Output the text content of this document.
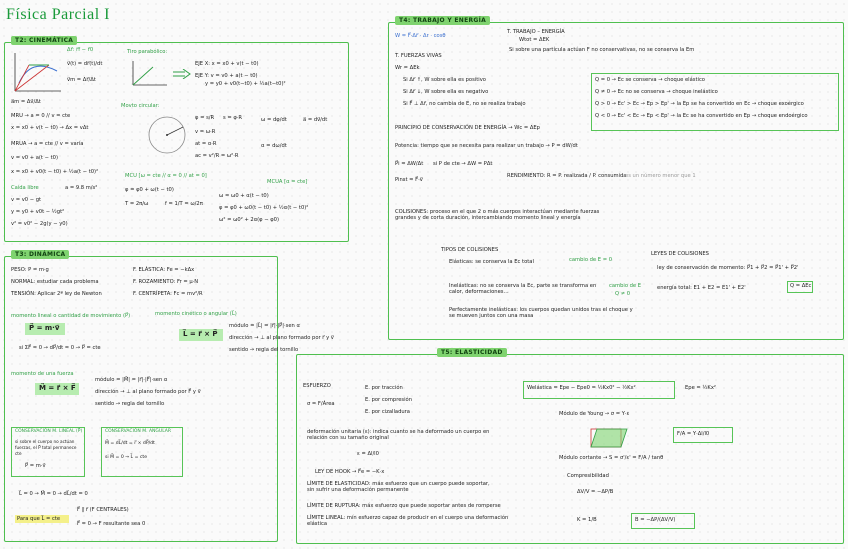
Física Parcial I
T2: CINEMÁTICA
Δr⃗: r⃗f − r⃗0
v⃗(t) = dr⃗(t)/dt
v⃗m = Δr⃗/Δt
Tiro parabólico:
EJE X: x = x0 + v(t − t0)
EJE Y: v = v0 + a(t − t0)
y = y0 + v0(t−t0) + ½a(t−t0)²
a⃗m = Δv⃗/Δt
MRU → a = 0 // v = cte
x = x0 + v(t − t0) → Δx = vΔt
MRUA → a = cte // v = varía
v = v0 + a(t − t0)
x = x0 + v0(t − t0) + ½a(t − t0)²
Caída libre	a = 9.8 m/s²
v = v0 − gt
y = y0 + v0t − ½gt²
v² = v0² − 2g(y − y0)
Movto circular:
φ = s/R s = φ·R
v = ω·R
at = α·R
ac = v²/R = ω²·R
ω = dφ/dt
α = dω/dt
a⃗ = dv⃗/dt
MCU [ω = cte // α = 0 // at = 0]
φ = φ0 + ω(t − t0)
T = 2π/ω	f = 1/T = ω/2π
MCUA [α = cte]
ω = ω0 + α(t − t0)
φ = φ0 + ω0(t − t0) + ½α(t − t0)²
ω² = ω0² + 2α(φ − φ0)
T3: DINÁMICA
PESO: P = m·g	F. ELÁSTICA: Fe = −kΔx
NORMAL: estudiar cada problema	F. ROZAMIENTO: Fr = μ·N
TENSIÓN: Aplicar 2ª ley de Newton	F. CENTRÍPETA: Fc = mv²/R
momento lineal o cantidad de movimiento (P⃗)
P⃗ = m·v⃗
si ΣF⃗ = 0 → dP⃗/dt = 0 → P⃗ = cte
momento cinético o angular (L⃗)
L⃗ = r⃗ × P⃗
módulo = |L⃗| = |r⃗|·|P⃗|·sen α
dirección → ⊥ al plano formado por r⃗ y v⃗
sentido → regla del tornillo
momento de una fuerza
M⃗ = r⃗ × F⃗
módulo = |M⃗| = |r⃗|·|F⃗|·sen α
dirección → ⊥ al plano formado por F⃗ y v⃗
sentido → regla del tornillo
CONSERVACIÓN M. LINEAL (P⃗)
si sobre el cuerpo no actúan fuerzas, el P⃗ total permanece cte
P⃗ = m·v⃗
CONSERVACIÓN M. ANGULAR
M⃗ = dL⃗/dt = r⃗ × dP⃗/dt
si M⃗ = 0 → L⃗ = cte
L⃗ = 0 → M⃗ = 0 → dL⃗/dt = 0
Para que L⃗ = cte
F⃗ ∥ r⃗ (F CENTRALES)
F⃗ = 0 → F resultante sea 0
T4: TRABAJO Y ENERGÍA
W = F⃗·Δr⃗ · Δr · cosθ
T. TRABAJO – ENERGÍA
Wtot = ΔEK
Si sobre una partícula actúan F no conservativas, no se conserva la Em
T. FUERZAS VIVAS
Wr = ΔEk
Si Δr⃗ ↑, W sobre ella es positivo
Si Δr⃗ ↓, W sobre ella es negativo
Si F⃗ ⊥ Δr⃗, no cambia de E, no se realiza trabajo
Q = 0 → Ec se conserva → choque elástico
Q ≠ 0 → Ec no se conserva → choque inelástico
Q > 0 → Ec' > Ec → Ep > Ep' → la Ep se ha convertido en Ec → choque exoérgico
Q < 0 → Ec' < Ec → Ep < Ep' → la Ec se ha convertido en Ep → choque endoérgico
PRINCIPIO DE CONSERVACIÓN DE ENERGÍA → Wc = ΔEp
Potencia: tiempo que se necesita para realizar un trabajo → P = dW/dt
P⃗i = ΔW/Δt si P de cte → ΔW = PΔt
Pinst = F⃗·v⃗
RENDIMIENTO: R = P. realizada / P. consumida
es un número menor que 1
COLISIONES: proceso en el que 2 o más cuerpos interactúan mediante fuerzas grandes y de corta duración, intercambiando momento lineal y energía
TIPOS DE COLISIONES
Elásticas: se conserva la Ec total	cambio de E = 0
Inelásticas: no se conserva la Ec, parte se transforma en calor, deformaciones…
cambio de E
Q ≠ 0
Perfectamente inelásticas: los cuerpos quedan unidos tras el choque y se mueven juntos con una masa
LEYES DE COLISIONES
ley de conservación de momento: P⃗1 + P⃗2 = P⃗1' + P⃗2'
energía total: E1 + E2 = E1' + E2'	Q = ΔEc
T5: ELASTICIDAD
ESFUERZO
σ = F/Área
E. por tracción
E. por compresión
E. por cizalladura
deformación unitaria (ε): indica cuanto se ha deformado un cuerpo en relación con su tamaño original
ε = Δl/l0
LEY DE HOOK → F⃗e = −K·x
LÍMITE DE ELASTICIDAD: máx esfuerzo que un cuerpo puede soportar, sin sufrir una deformación permanente
LÍMITE DE RUPTURA: máx esfuerzo que puede soportar antes de romperse
LÍMITE LINEAL: mín esfuerzo capaz de producir en el cuerpo una deformación elástica
Welástica = Epe − Epe0 = ½Kx0² − ½Kx²	Epe = ½Kx²
Módulo de Young → σ = Y·ε
Módulo cortante → S = σ'/ε' = F/A / tanθ
F/A = Y·Δl/l0
Compresibilidad
ΔV/V = −ΔP/B
K = 1/B	B = −ΔP/(ΔV/V)
